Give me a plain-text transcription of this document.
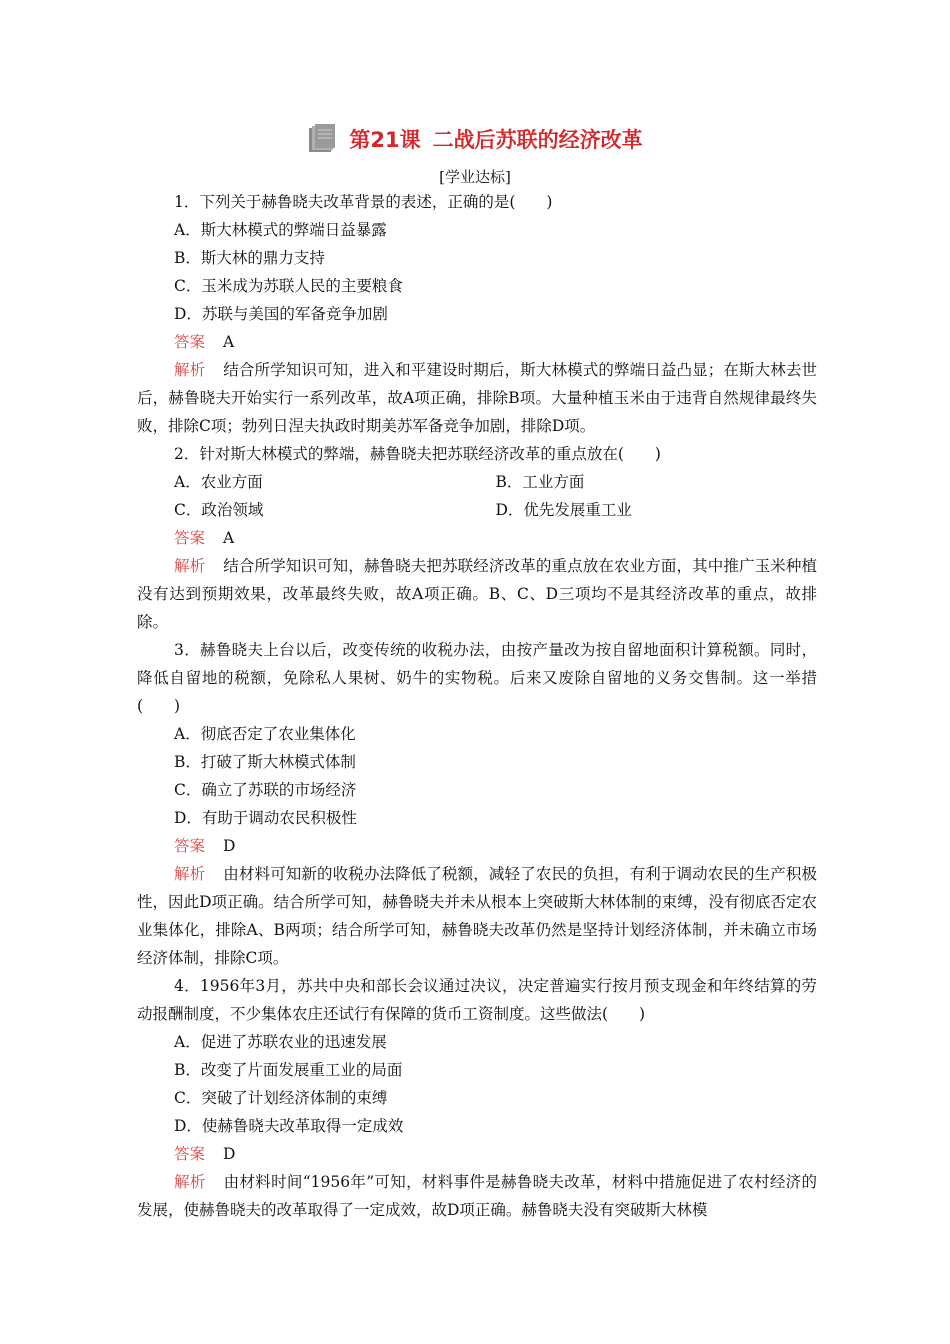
第21课 二战后苏联的经济改革
[学业达标]
1．下列关于赫鲁晓夫改革背景的表述，正确的是(　　)
A．斯大林模式的弊端日益暴露
B．斯大林的鼎力支持
C．玉米成为苏联人民的主要粮食
D．苏联与美国的军备竞争加剧
答案 A
解析 结合所学知识可知，进入和平建设时期后，斯大林模式的弊端日益凸显；在斯大林去世后，赫鲁晓夫开始实行一系列改革，故A项正确，排除B项。大量种植玉米由于违背自然规律最终失败，排除C项；勃列日涅夫执政时期美苏军备竞争加剧，排除D项。
2．针对斯大林模式的弊端，赫鲁晓夫把苏联经济改革的重点放在(　　)
A．农业方面	B．工业方面
C．政治领域	D．优先发展重工业
答案 A
解析 结合所学知识可知，赫鲁晓夫把苏联经济改革的重点放在农业方面，其中推广玉米种植没有达到预期效果，改革最终失败，故A项正确。B、C、D三项均不是其经济改革的重点，故排除。
3．赫鲁晓夫上台以后，改变传统的收税办法，由按产量改为按自留地面积计算税额。同时，降低自留地的税额，免除私人果树、奶牛的实物税。后来又废除自留地的义务交售制。这一举措(　　)
A．彻底否定了农业集体化
B．打破了斯大林模式体制
C．确立了苏联的市场经济
D．有助于调动农民积极性
答案 D
解析 由材料可知新的收税办法降低了税额，减轻了农民的负担，有利于调动农民的生产积极性，因此D项正确。结合所学可知，赫鲁晓夫并未从根本上突破斯大林体制的束缚，没有彻底否定农业集体化，排除A、B两项；结合所学可知，赫鲁晓夫改革仍然是坚持计划经济体制，并未确立市场经济体制，排除C项。
4．1956年3月，苏共中央和部长会议通过决议，决定普遍实行按月预支现金和年终结算的劳动报酬制度，不少集体农庄还试行有保障的货币工资制度。这些做法(　　)
A．促进了苏联农业的迅速发展
B．改变了片面发展重工业的局面
C．突破了计划经济体制的束缚
D．使赫鲁晓夫改革取得一定成效
答案 D
解析 由材料时间“1956年”可知，材料事件是赫鲁晓夫改革，材料中措施促进了农村经济的发展，使赫鲁晓夫的改革取得了一定成效，故D项正确。赫鲁晓夫没有突破斯大林模
